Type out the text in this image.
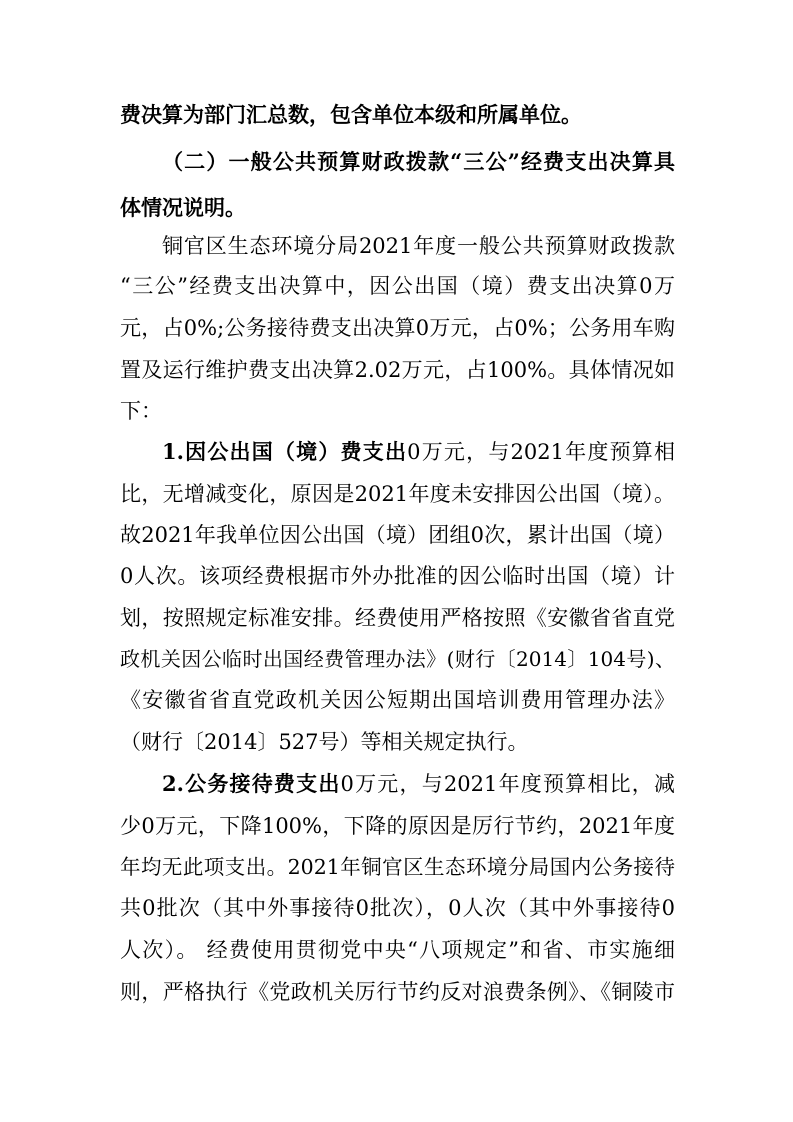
费决算为部门汇总数，包含单位本级和所属单位。
（二）一般公共预算财政拨款“三公”经费支出决算具
体情况说明。
铜官区生态环境分局2021年度一般公共预算财政拨款
“三公”经费支出决算中，因公出国（境）费支出决算0万
元，占0%;公务接待费支出决算0万元，占0%；公务用车购
置及运行维护费支出决算2.02万元，占100%。具体情况如
下：
1.因公出国（境）费支出0万元，与2021年度预算相
比，无增减变化，原因是2021年度未安排因公出国（境）。
故2021年我单位因公出国（境）团组0次，累计出国（境）
0人次。该项经费根据市外办批准的因公临时出国（境）计
划，按照规定标准安排。经费使用严格按照《安徽省省直党
政机关因公临时出国经费管理办法》(财行〔2014〕104号)、
《安徽省省直党政机关因公短期出国培训费用管理办法》
（财行〔2014〕527号）等相关规定执行。
2.公务接待费支出0万元，与2021年度预算相比，减
少0万元，下降100%，下降的原因是厉行节约，2021年度
年均无此项支出。2021年铜官区生态环境分局国内公务接待
共0批次（其中外事接待0批次），0人次（其中外事接待0
人次）。 经费使用贯彻党中央“八项规定”和省、市实施细
则，严格执行《党政机关厉行节约反对浪费条例》、《铜陵市
